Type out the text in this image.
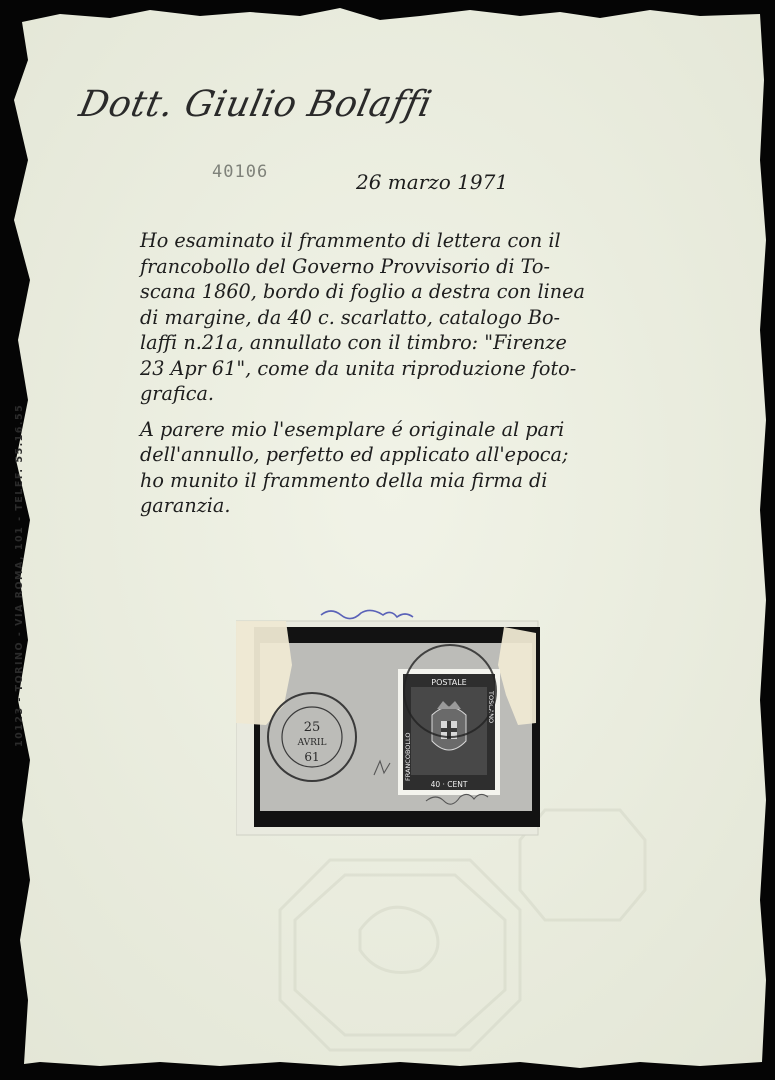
Dott. Giulio Bolaffi
40106	26 marzo 1971
Ho esaminato il frammento di lettera con il
francobollo del Governo Provvisorio di To-
scana 1860, bordo di foglio a destra con linea
di margine, da 40 c. scarlatto, catalogo Bo-
laffi n.21a, annullato con il timbro: "Firenze
23 Apr 61", come da unita riproduzione foto-
grafica.
A parere mio l'esemplare é originale al pari
dell'annullo, perfetto ed applicato all'epoca;
ho munito il frammento della mia firma di
garanzia.
10123 - TORINO - VIA ROMA, 101 - TELEF. 55.16.55	25
AVRIL
61
POSTALE
40 · CENT
FRANCOBOLLO
TOSCANO
